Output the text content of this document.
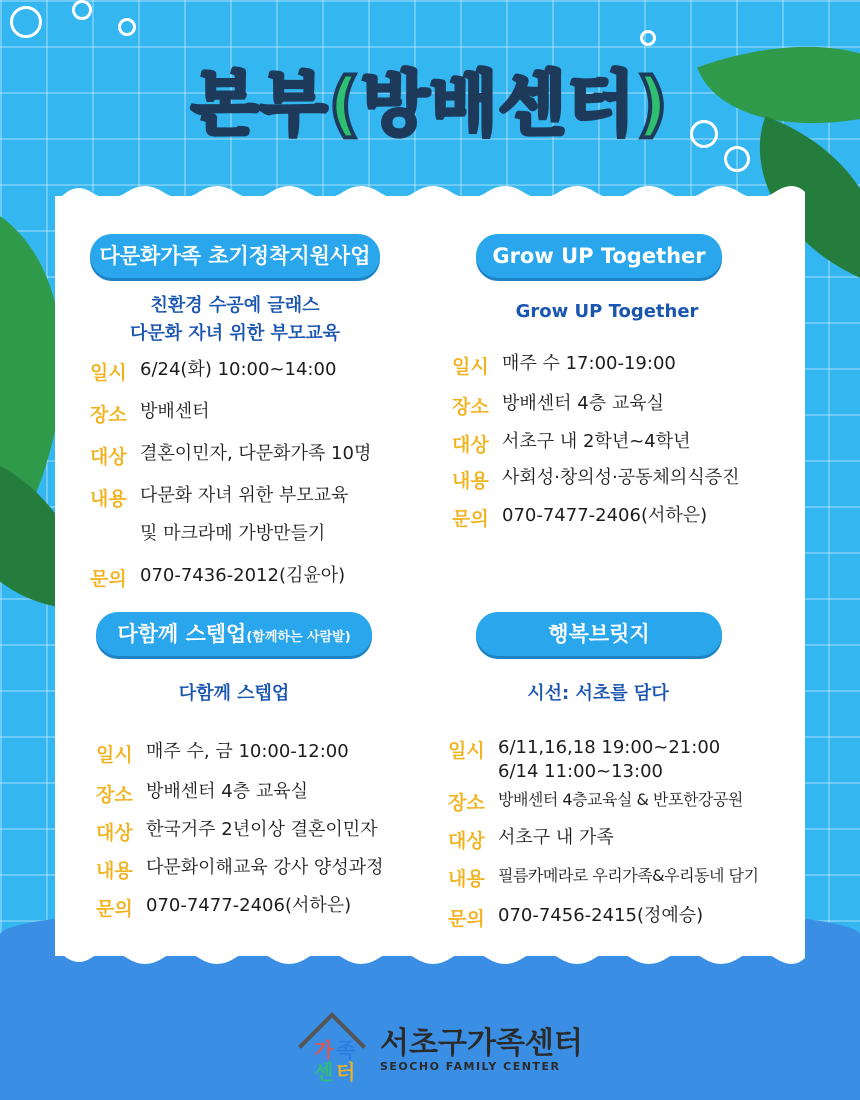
본부(방배센터)
다문화가족 초기정착지원사업
친환경 수공예 글래스
다문화 자녀 위한 부모교육
일시 6/24(화) 10:00~14:00
장소 방배센터
대상 결혼이민자, 다문화가족 10명
내용 다문화 자녀 위한 부모교육
및 마크라메 가방만들기
문의 070-7436-2012(김윤아)
Grow UP Together
Grow UP Together
일시 매주 수 17:00-19:00
장소 방배센터 4층 교육실
대상 서초구 내 2학년~4학년
내용 사회성·창의성·공동체의식증진
문의 070-7477-2406(서하은)
다함께 스텝업(함께하는 사람발)
다함께 스텝업
일시 매주 수, 금 10:00-12:00
장소 방배센터 4층 교육실
대상 한국거주 2년이상 결혼이민자
내용 다문화이해교육 강사 양성과정
문의 070-7477-2406(서하은)
행복브릿지
시선: 서초를 담다
일시 6/11,16,18 19:00~21:00
6/14 11:00~13:00
장소 방배센터 4층교육실 & 반포한강공원
대상 서초구 내 가족
내용 필름카메라로 우리가족&우리동네 담기
문의 070-7456-2415(정예승)
가 족
센 터
서초구가족센터
SEOCHO FAMILY CENTER
